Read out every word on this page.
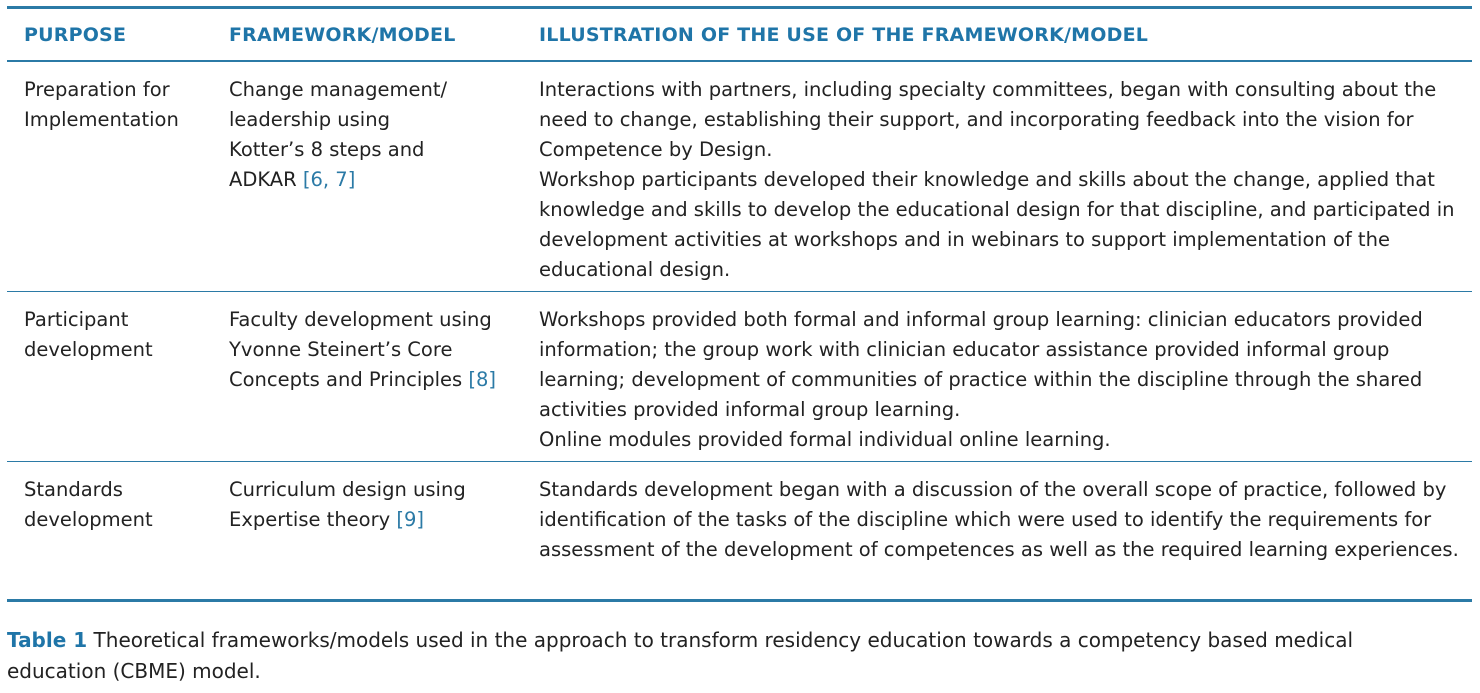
PURPOSE	FRAMEWORK/MODEL	ILLUSTRATION OF THE USE OF THE FRAMEWORK/MODEL
Preparation for
Implementation
Change management/
leadership using
Kotter’s 8 steps and
ADKAR [6, 7]
Interactions with partners, including specialty committees, began with consulting about the need to change, establishing their support, and incorporating feedback into the vision for Competence by Design.
Workshop participants developed their knowledge and skills about the change, applied that knowledge and skills to develop the educational design for that discipline, and participated in development activities at workshops and in webinars to support implementation of the educational design.
Participant
development
Faculty development using
Yvonne Steinert’s Core
Concepts and Principles [8]
Workshops provided both formal and informal group learning: clinician educators provided information; the group work with clinician educator assistance provided informal group learning; development of communities of practice within the discipline through the shared activities provided informal group learning.
Online modules provided formal individual online learning.
Standards
development
Curriculum design using
Expertise theory [9]
Standards development began with a discussion of the overall scope of practice, followed by identification of the tasks of the discipline which were used to identify the requirements for assessment of the development of competences as well as the required learning experiences.
Table 1 Theoretical frameworks/models used in the approach to transform residency education towards a competency based medical education (CBME) model.
